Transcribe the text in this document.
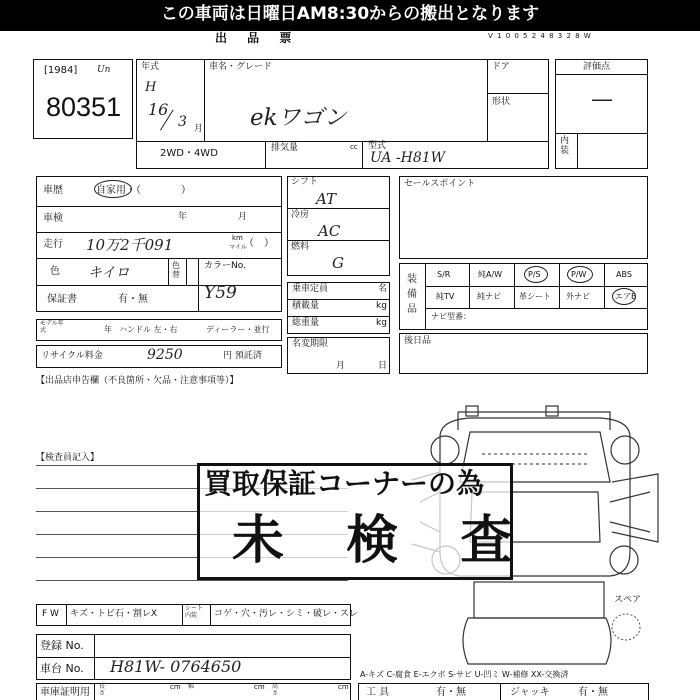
この車両は日曜日AM8:30からの搬出となります
出 品 票	V 1 0 0 5 2 4 8 3 2 8 W
[1984] Un
80351
年式
H
16
3 月
車名・グレード
ekワゴン
ドア
形状
2WD・4WD	排気量	cc 型式
UA -H81W
評価点
—
内装
車歴	自家用・（　　　　）
車検	年	月
走行 10万2千091	km
マイル
（　）
色 キイロ	色替
カラーNo.
Y59
保証書	有・無
モデル年式	年 ハンドル 左・右	ディーラー・並行
リサイクル料金	9250	円 預託済
シフト
AT
冷房
AC
燃料
G
乗車定員	名
積載量	kg
総重量	kg
名変期限
月	日
セールスポイント
装備品
S/R	純A/W	P/S	P/W	ABS
純TV	純ナビ 革シート 外ナビ	エアB
ナビ型番：
後日品
【出品店申告欄（不良箇所・欠品・注意事項等）】
【検査員記入】
スペア
買取保証コーナーの為
未 検 査
F W キズ・トビ石・割レX
シート内装	コゲ・穴・汚レ・シミ・破レ・スレ
登録 No.
車台 No. H81W- 0764650
車庫証明用
長さ
cm 幅	cm 高さ
cm
A-キズ C-腐食 E-エクボ S-サビ U-凹ミ W-補修 XX-交換済
工 具	有・無	ジャッキ	有・無
